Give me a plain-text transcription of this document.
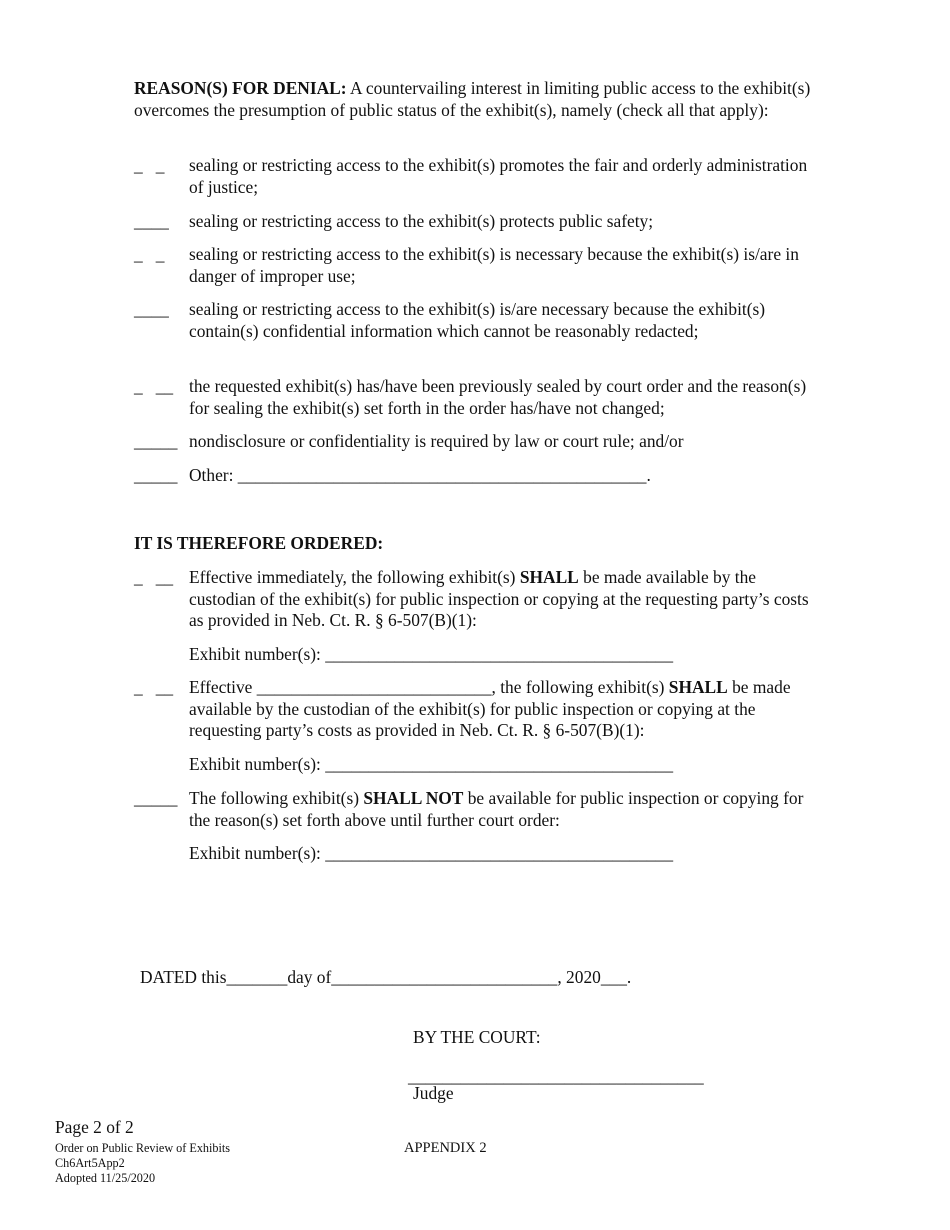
REASON(S) FOR DENIAL: A countervailing interest in limiting public access to the exhibit(s) overcomes the presumption of public status of the exhibit(s), namely (check all that apply):
_   _	sealing or restricting access to the exhibit(s) promotes the fair and orderly administration of justice;
____	sealing or restricting access to the exhibit(s) protects public safety;
_   _	sealing or restricting access to the exhibit(s) is necessary because the exhibit(s) is/are in danger of improper use;
____	sealing or restricting access to the exhibit(s) is/are necessary because the exhibit(s) contain(s) confidential information which cannot be reasonably redacted;
_   __ the requested exhibit(s) has/have been previously sealed by court order and the reason(s) for sealing the exhibit(s) set forth in the order has/have not changed;
_____ nondisclosure or confidentiality is required by law or court rule; and/or
_____ Other: _______________________________________________.
IT IS THEREFORE ORDERED:
_   __ Effective immediately, the following exhibit(s) SHALL be made available by the custodian of the exhibit(s) for public inspection or copying at the requesting party’s costs as provided in Neb. Ct. R. § 6-507(B)(1):
Exhibit number(s): ________________________________________
_   __ Effective ___________________________, the following exhibit(s) SHALL be made available by the custodian of the exhibit(s) for public inspection or copying at the requesting party’s costs as provided in Neb. Ct. R. § 6-507(B)(1):
Exhibit number(s): ________________________________________
_____ The following exhibit(s) SHALL NOT be available for public inspection or copying for the reason(s) set forth above until further court order:
Exhibit number(s): ________________________________________
DATED this_______day of__________________________, 2020___.
BY THE COURT:
__________________________________
Judge
Page 2 of 2
Order on Public Review of Exhibits
Ch6Art5App2
Adopted 11/25/2020
APPENDIX 2
